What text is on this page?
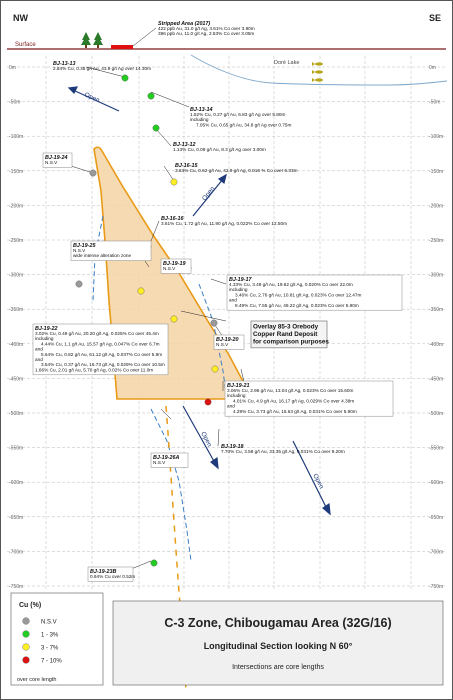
0m	0m
-50m	-50m
-100m	-100m
-150m	-150m
-200m	-200m
-250m	-250m
-300m	-300m
-350m	-350m
-400m	-400m
-450m	-450m
-500m	-500m
-550m	-550m
-600m	-600m
-650m	-650m
-700m	-700m
-750m	-750m
NW	SE
Surface
Doré Lake
Open
Open
Open
Open
Stripped Area (2017)
422 ppb Au, 31.0 g/t Ag, 3.61% Co over 3.90m
396 ppb Au, 11.0 g/t Ag, 2.53% Co over 3.05m
BJ-13-13
2.84% Cu, 0.35 g/t Au, 43.9 g/t Ag over 14.30m
BJ-13-14
1.52% Cu, 0.27 g/t Au, 6.83 g/t Ag over 5.80m
including
7.05% Cu, 0.65 g/t Au, 34.8 g/t Ag over 0.75m
BJ-13-12
1.13% Cu, 0.09 g/t Au, 8.3 g/t Ag over 3.00m
BJ-19-24
N.S.V
BJ-16-15
3.63% Cu, 0.62 g/t Au, 42.9 g/t Ag, 0.016 % Co over 6.33m
BJ-16-16
3.61% Cu, 1.72 g/t Au, 11.90 g/t Ag, 0.022% Co over 12.50m
BJ-19-25
N.S.V
wide intense alteration zone
BJ-19-19
N.S.V
BJ-19-17
4.33% Cu, 3.49 g/t Au, 19.62 g/t Ag, 0.020% Co over 22.0m
including
3.46% Cu, 2.76 g/t Au, 10.81 g/t Ag, 0.023% Co over 12.47m
and
8.49% Cu, 7.55 g/t Au, 49.22 g/t Ag, 0.023% Co over 5.90m
BJ-19-22
3.02% Cu, 0.49 g/t Au, 20.20 g/t Ag, 0.025% Co over 45.4m
including
4.44% Cu, 1.1 g/t Au, 15.57 g/t Ag, 0.047% Co over 6.7m
and
5.64% Cu, 0.82 g/t Au, 61.12 g/t Ag, 0.037% Co over 5.9m
and
3.54% Cu, 0.37 g/t Au, 16.73 g/t Ag, 0.029% Co over 10.5m
1.66% Cu, 2.01 g/t Au, 5.70 g/t Ag, 0.02% Co over 11.0m
Overlay 85-3 Orebody
Copper Rand Deposit
for comparison purposes
BJ-19-20
N.S.V
BJ-19-21
3.06% Cu, 2.96 g/t Au, 13.04 g/t Ag, 0.023% Co over 15.60m
including
4.01% Cu, 4.9 g/t Au, 16.17 g/t Ag, 0.029% Co over 4.38m
and
4.29% Cu, 3.73 g/t Au, 15.63 g/t Ag, 0.031% Co over 5.90m
BJ-19-26A
N.S.V
BJ-19-18
7.70% Cu, 3.58 g/t Au, 33.35 g/t Ag, 0.031% Co over 9.20m
BJ-19-23B
0.94% Cu over 0.52m
Cu (%)
N.S.V
1 - 3%
3 - 7%
7 - 10%
over core length
C-3 Zone, Chibougamau Area (32G/16)
Longitudinal Section looking N 60°
Intersections are core lengths
